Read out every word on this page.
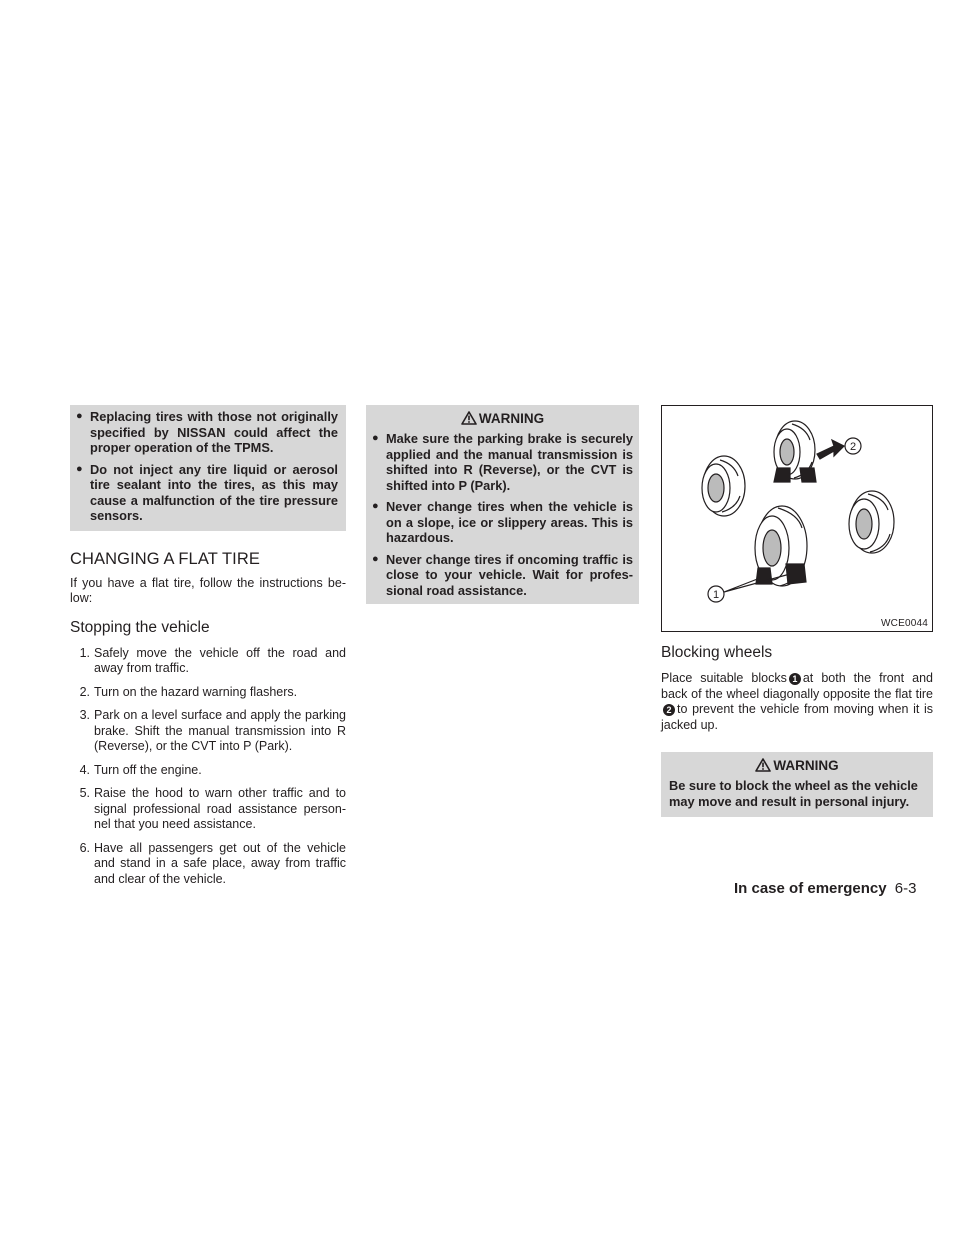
● Replacing tires with those not originally specified by NISSAN could affect the proper operation of the TPMS.
● Do not inject any tire liquid or aerosol tire sealant into the tires, as this may cause a malfunction of the tire pressure sensors.
CHANGING A FLAT TIRE

If you have a flat tire, follow the instructions be- low:

Stopping the vehicle
1. Safely move the vehicle off the road and away from traffic.
2. Turn on the hazard warning flashers.
3. Park on a level surface and apply the parking brake. Shift the manual transmission into R (Reverse), or the CVT into P (Park).
4. Turn off the engine.
5. Raise the hood to warn other traffic and to signal professional road assistance person- nel that you need assistance.
6. Have all passengers get out of the vehicle and stand in a safe place, away from traffic and clear of the vehicle.
WARNING
● Make sure the parking brake is securely applied and the manual transmission is shifted into R (Reverse), or the CVT is shifted into P (Park).
● Never change tires when the vehicle is on a slope, ice or slippery areas. This is hazardous.
● Never change tires if oncoming traffic is close to your vehicle. Wait for profes- sional road assistance.	1
2
WCE0044
Blocking wheels

Place suitable blocks 1 at both the front and back of the wheel diagonally opposite the flat tire 2 to prevent the vehicle from moving when it is jacked up.

WARNING
Be sure to block the wheel as the vehicle may move and result in personal injury.
In case of emergency 6-3
